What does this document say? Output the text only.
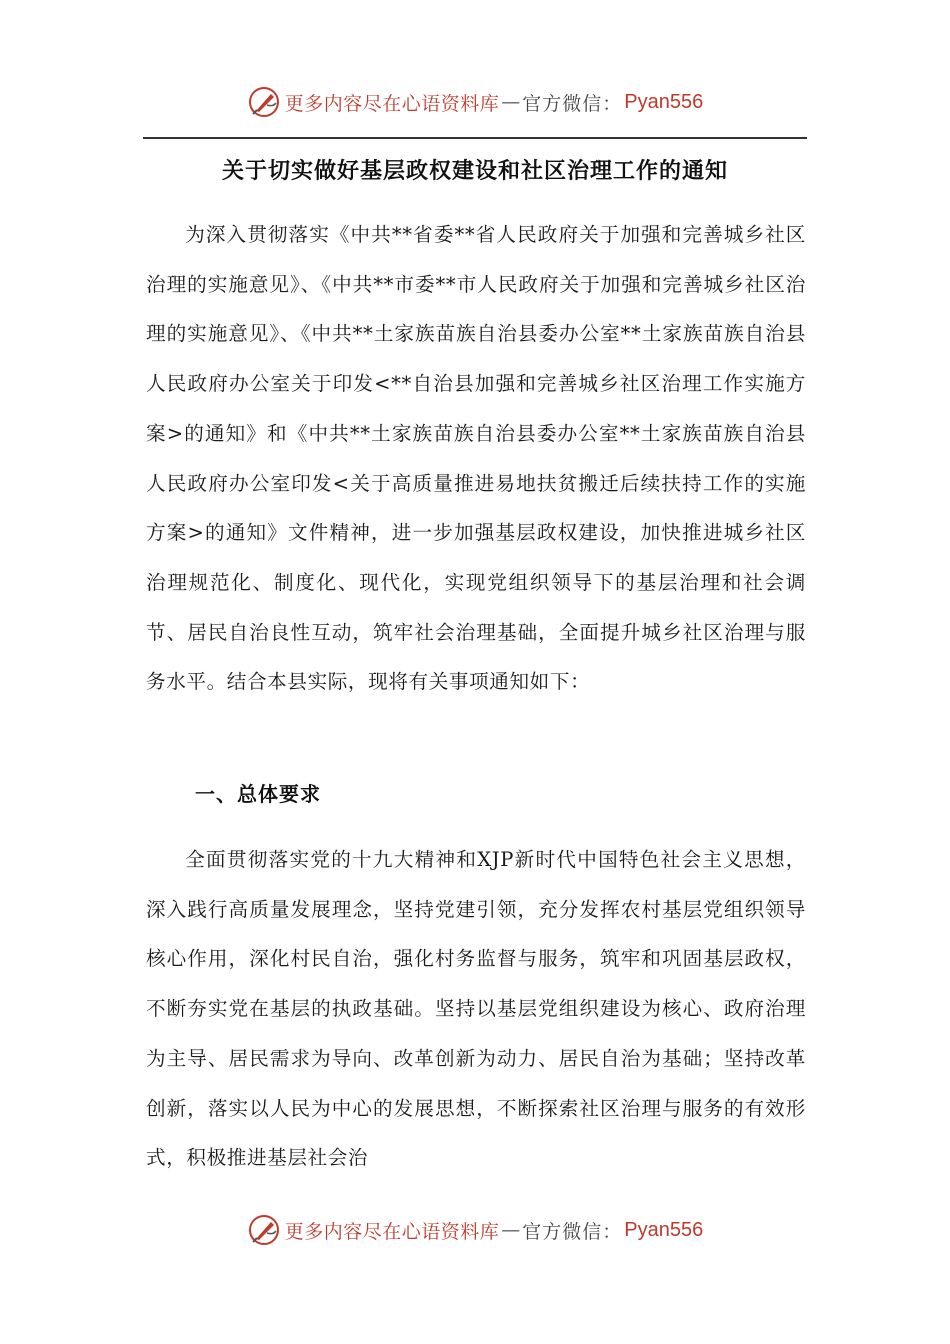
更多内容尽在心语资料库 — 官方微信： Pyan556
关于切实做好基层政权建设和社区治理工作的通知

为深入贯彻落实《中共**省委**省人民政府关于加强和完善城乡社区治理的实施意见》、《中共**市委**市人民政府关于加强和完善城乡社区治理的实施意见》、《中共**土家族苗族自治县委办公室**土家族苗族自治县人民政府办公室关于印发<**自治县加强和完善城乡社区治理工作实施方案>的通知》和《中共**土家族苗族自治县委办公室**土家族苗族自治县人民政府办公室印发<关于高质量推进易地扶贫搬迁后续扶持工作的实施方案>的通知》文件精神，进一步加强基层政权建设，加快推进城乡社区治理规范化、制度化、现代化，实现党组织领导下的基层治理和社会调节、居民自治良性互动，筑牢社会治理基础，全面提升城乡社区治理与服务水平。结合本县实际，现将有关事项通知如下：

一、总体要求

全面贯彻落实党的十九大精神和XJP新时代中国特色社会主义思想，深入践行高质量发展理念，坚持党建引领，充分发挥农村基层党组织领导核心作用，深化村民自治，强化村务监督与服务，筑牢和巩固基层政权，不断夯实党在基层的执政基础。坚持以基层党组织建设为核心、政府治理为主导、居民需求为导向、改革创新为动力、居民自治为基础；坚持改革创新，落实以人民为中心的发展思想，不断探索社区治理与服务的有效形式，积极推进基层社会治

更多内容尽在心语资料库 — 官方微信： Pyan556
